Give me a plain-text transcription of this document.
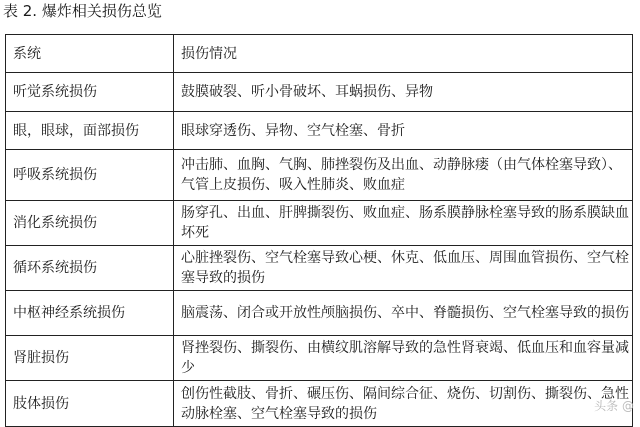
表 2. 爆炸相关损伤总览
系统	损伤情况
听觉系统损伤	鼓膜破裂、听小骨破坏、耳蜗损伤、异物
眼，眼球，面部损伤	眼球穿透伤、异物、空气栓塞、骨折
呼吸系统损伤	冲击肺、血胸、气胸、肺挫裂伤及出血、动静脉瘘（由气体栓塞导致）、气管上皮损伤、吸入性肺炎、败血症
消化系统损伤	肠穿孔、出血、肝脾撕裂伤、败血症、肠系膜静脉栓塞导致的肠系膜缺血坏死
循环系统损伤	心脏挫裂伤、空气栓塞导致心梗、休克、低血压、周围血管损伤、空气栓塞导致的损伤
中枢神经系统损伤	脑震荡、闭合或开放性颅脑损伤、卒中、脊髓损伤、空气栓塞导致的损伤
肾脏损伤	肾挫裂伤、撕裂伤、由横纹肌溶解导致的急性肾衰竭、低血压和血容量减少
肢体损伤	创伤性截肢、骨折、碾压伤、隔间综合征、烧伤、切割伤、撕裂伤、急性动脉栓塞、空气栓塞导致的损伤	头条 @
